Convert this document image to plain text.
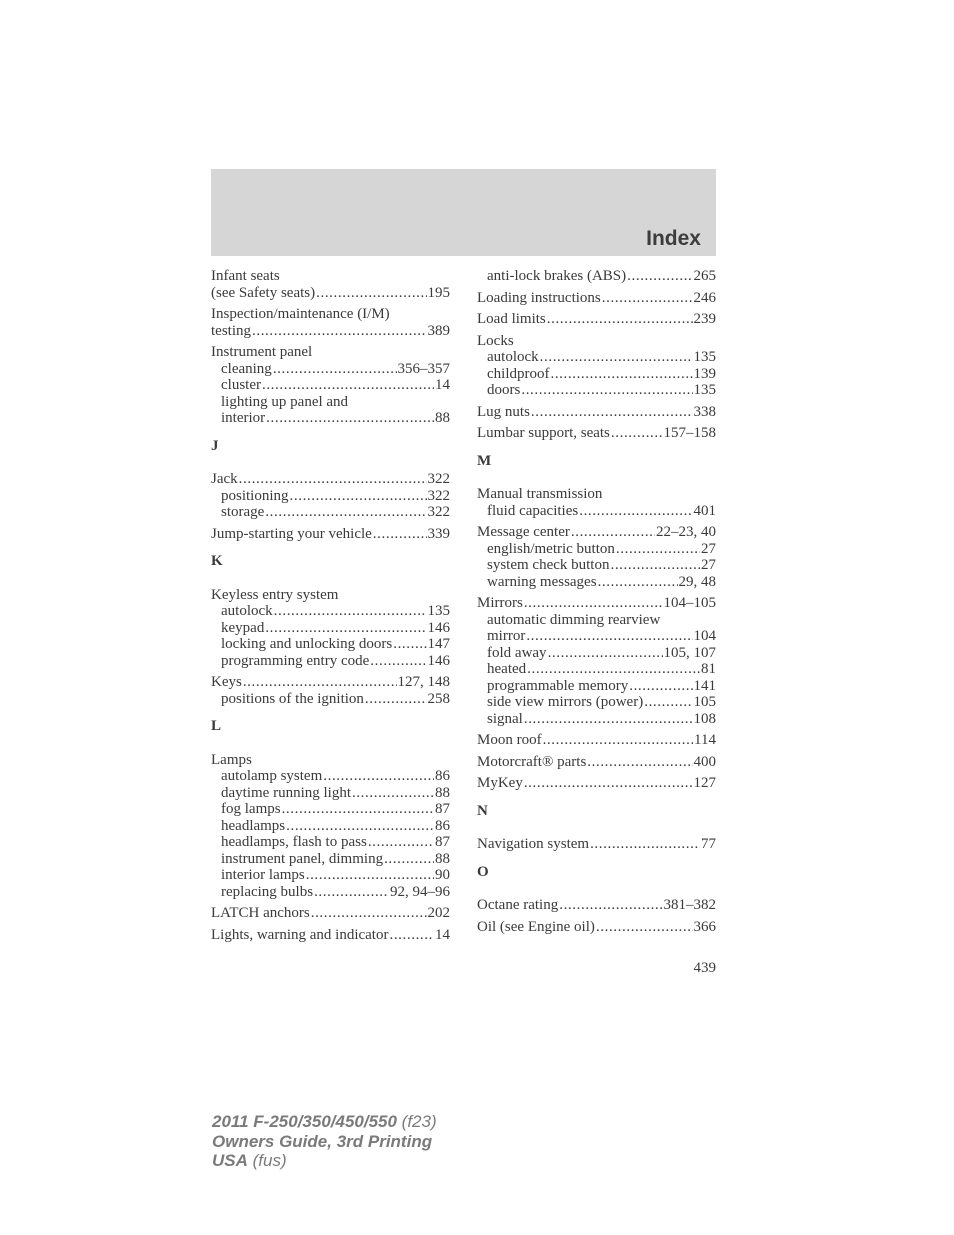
Index
Infant seats
(see Safety seats) .....	195
Inspection/maintenance (I/M)
testing .....	389
Instrument panel
cleaning .....	356–357
cluster .....	14
lighting up panel and
interior .....	88
J
Jack .....	322
positioning .....	322
storage .....	322
Jump-starting your vehicle .....	339
K
Keyless entry system
autolock .....	135
keypad .....	146
locking and unlocking doors ..... 147
programming entry code .....	146
Keys .....	127, 148
positions of the ignition .....	258
L
Lamps
autolamp system .....	86
daytime running light .....	88
fog lamps .....	87
headlamps .....	86
headlamps, flash to pass .....	87
instrument panel, dimming .....	88
interior lamps .....	90
replacing bulbs .....	92, 94–96
LATCH anchors .....	202
Lights, warning and indicator .....	14
anti-lock brakes (ABS) .....	265
Loading instructions .....	246
Load limits .....	239
Locks
autolock .....	135
childproof .....	139
doors .....	135
Lug nuts .....	338
Lumbar support, seats .....	157–158
M
Manual transmission
fluid capacities .....	401
Message center .....	22–23, 40
english/metric button .....	27
system check button .....	27
warning messages .....	29, 48
Mirrors .....	104–105
automatic dimming rearview
mirror .....	104
fold away .....	105, 107
heated .....	81
programmable memory .....	141
side view mirrors (power) .....	105
signal .....	108
Moon roof .....	114
Motorcraft® parts .....	400
MyKey .....	127
N
Navigation system .....	77
O
Octane rating .....	381–382
Oil (see Engine oil) .....	366
439
2011 F-250/350/450/550 (f23)
Owners Guide, 3rd Printing
USA (fus)
